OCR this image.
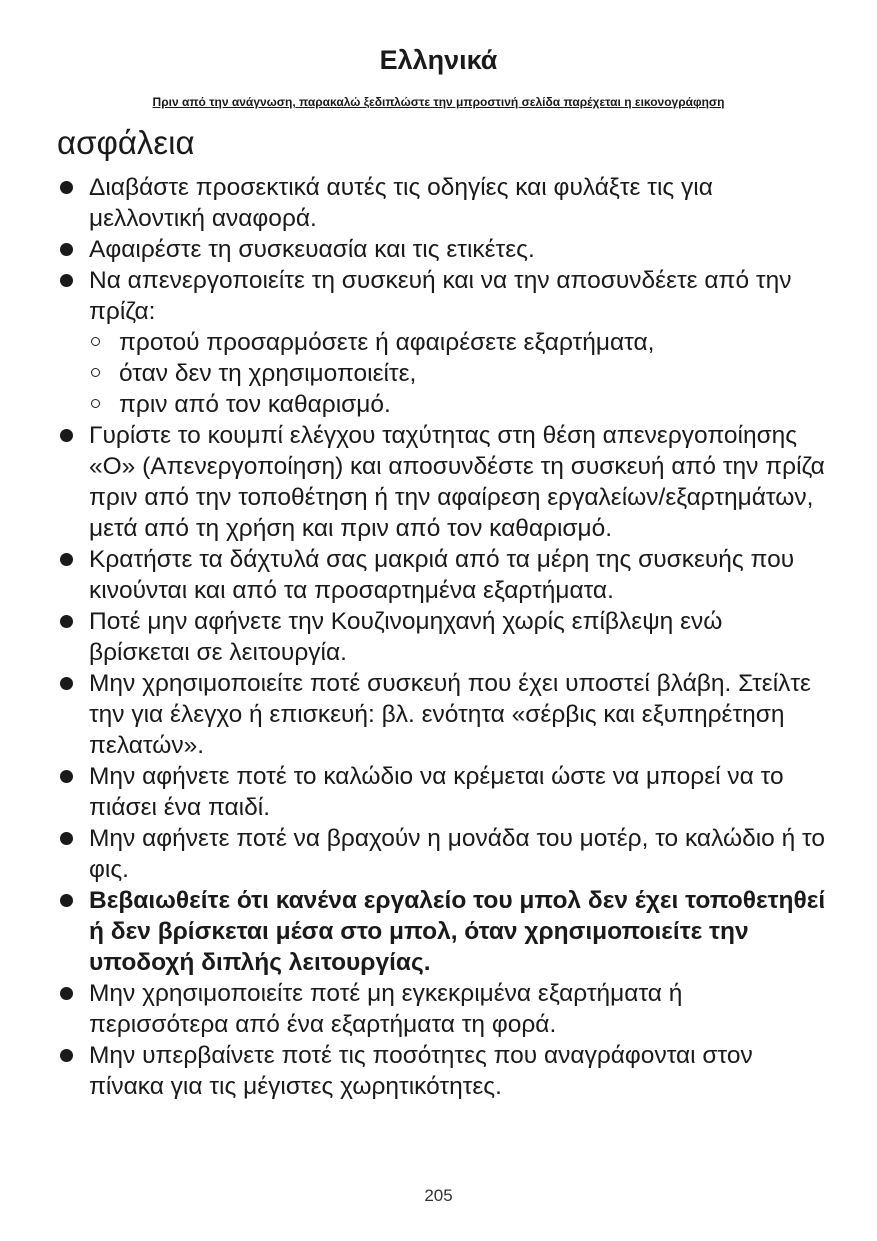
Ελληνικά
Πριν από την ανάγνωση, παρακαλώ ξεδιπλώστε την μπροστινή σελίδα παρέχεται η εικονογράφηση
ασφάλεια
Διαβάστε προσεκτικά αυτές τις οδηγίες και φυλάξτε τις για μελλοντική αναφορά.
Αφαιρέστε τη συσκευασία και τις ετικέτες.
Να απενεργοποιείτε τη συσκευή και να την αποσυνδέετε από την πρίζα:
προτού προσαρμόσετε ή αφαιρέσετε εξαρτήματα,
όταν δεν τη χρησιμοποιείτε,
πριν από τον καθαρισμό.
Γυρίστε το κουμπί ελέγχου ταχύτητας στη θέση απενεργοποίησης «O» (Απενεργοποίηση) και αποσυνδέστε τη συσκευή από την πρίζα πριν από την τοποθέτηση ή την αφαίρεση εργαλείων/εξαρτημάτων, μετά από τη χρήση και πριν από τον καθαρισμό.
Κρατήστε τα δάχτυλά σας μακριά από τα μέρη της συσκευής που κινούνται και από τα προσαρτημένα εξαρτήματα.
Ποτέ μην αφήνετε την Κουζινομηχανή χωρίς επίβλεψη ενώ βρίσκεται σε λειτουργία.
Μην χρησιμοποιείτε ποτέ συσκευή που έχει υποστεί βλάβη. Στείλτε την για έλεγχο ή επισκευή: βλ. ενότητα «σέρβις και εξυπηρέτηση πελατών».
Μην αφήνετε ποτέ το καλώδιο να κρέμεται ώστε να μπορεί να το πιάσει ένα παιδί.
Μην αφήνετε ποτέ να βραχούν η μονάδα του μοτέρ, το καλώδιο ή το φις.
Βεβαιωθείτε ότι κανένα εργαλείο του μπολ δεν έχει τοποθετηθεί ή δεν βρίσκεται μέσα στο μπολ, όταν χρησιμοποιείτε την υποδοχή διπλής λειτουργίας.
Μην χρησιμοποιείτε ποτέ μη εγκεκριμένα εξαρτήματα ή περισσότερα από ένα εξαρτήματα τη φορά.
Μην υπερβαίνετε ποτέ τις ποσότητες που αναγράφονται στον πίνακα για τις μέγιστες χωρητικότητες.
205
